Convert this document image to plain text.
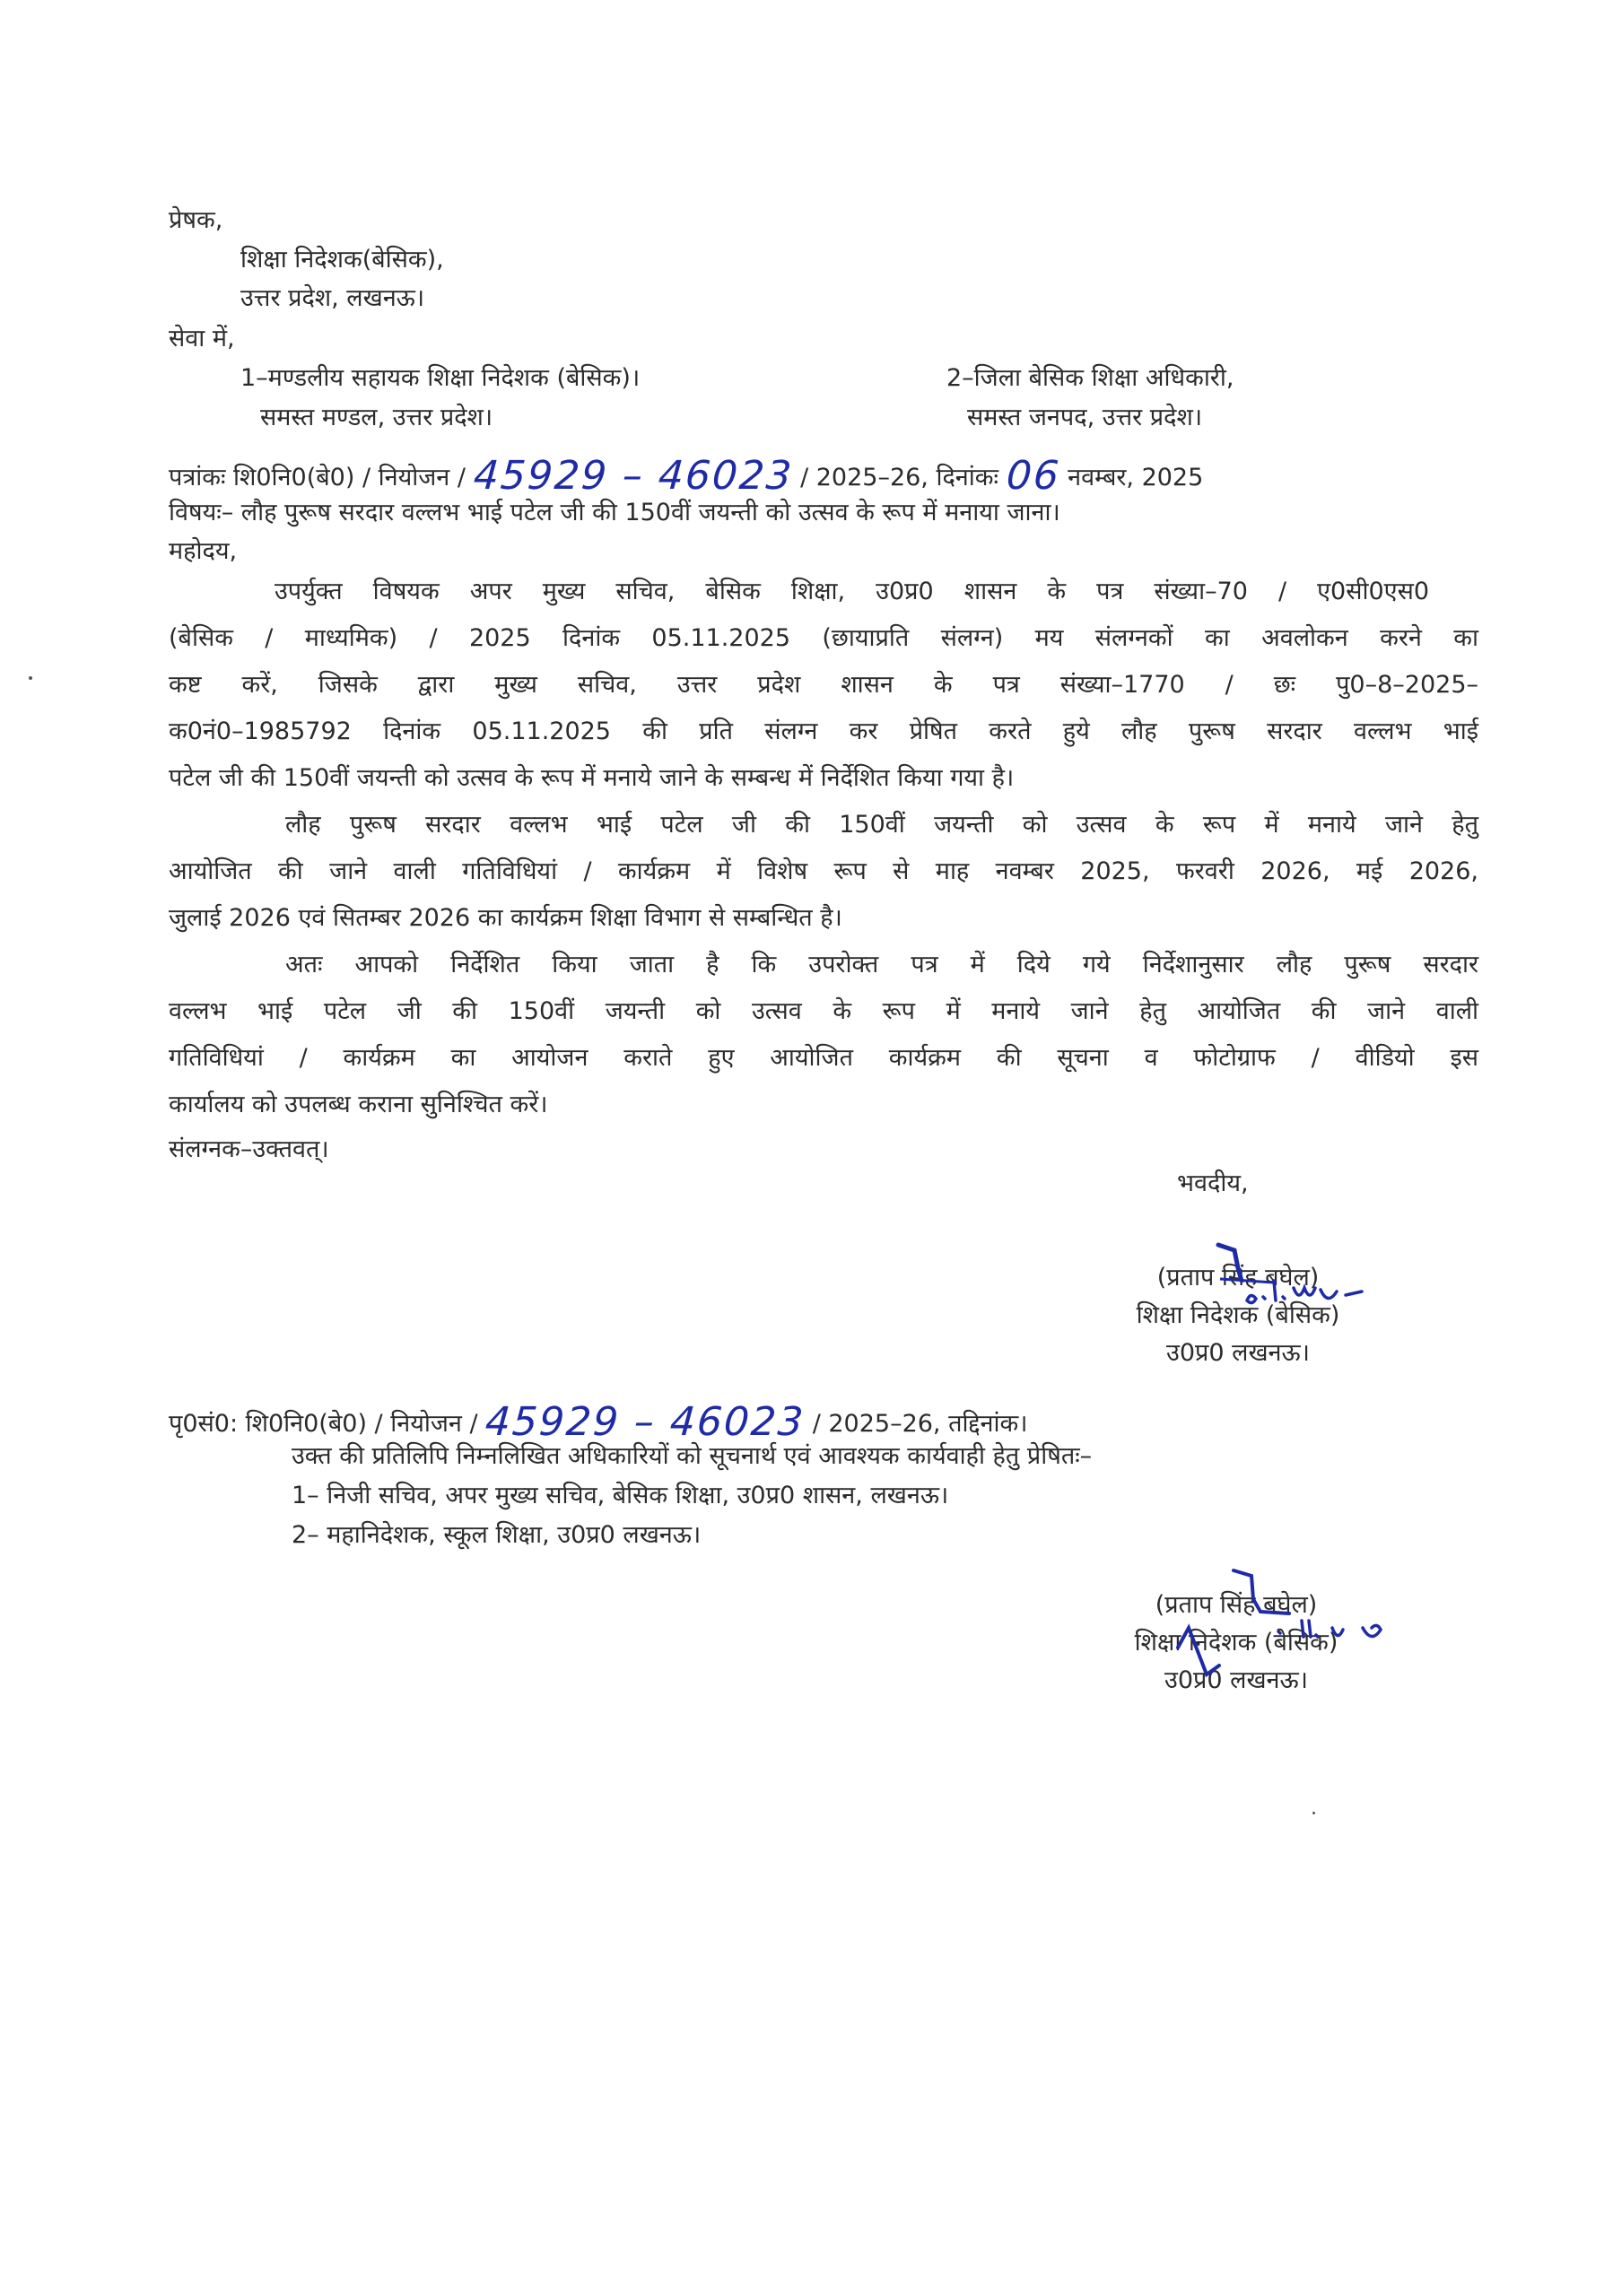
प्रेषक,
शिक्षा निदेशक(बेसिक),
उत्तर प्रदेश, लखनऊ।
सेवा में,
1–मण्डलीय सहायक शिक्षा निदेशक (बेसिक)।
समस्त मण्डल, उत्तर प्रदेश।
2–जिला बेसिक शिक्षा अधिकारी,
समस्त जनपद, उत्तर प्रदेश।
पत्रांकः शि0नि0(बे0) / नियोजन / 45929 – 46023 / 2025–26, दिनांकः 06 नवम्बर, 2025
विषयः– लौह पुरूष सरदार वल्लभ भाई पटेल जी की 150वीं जयन्ती को उत्सव के रूप में मनाया जाना।
महोदय,
उपर्युक्त विषयक अपर मुख्य सचिव, बेसिक शिक्षा, उ0प्र0 शासन के पत्र संख्या–70 / ए0सी0एस0
(बेसिक / माध्यमिक) / 2025 दिनांक 05.11.2025 (छायाप्रति संलग्न) मय संलग्नकों का अवलोकन करने का
कष्ट करें, जिसके द्वारा मुख्य सचिव, उत्तर प्रदेश शासन के पत्र संख्या–1770 / छः पु0–8–2025–
क0नं0–1985792 दिनांक 05.11.2025 की प्रति संलग्न कर प्रेषित करते हुये लौह पुरूष सरदार वल्लभ भाई
पटेल जी की 150वीं जयन्ती को उत्सव के रूप में मनाये जाने के सम्बन्ध में निर्देशित किया गया है।
लौह पुरूष सरदार वल्लभ भाई पटेल जी की 150वीं जयन्ती को उत्सव के रूप में मनाये जाने हेतु
आयोजित की जाने वाली गतिविधियां / कार्यक्रम में विशेष रूप से माह नवम्बर 2025, फरवरी 2026, मई 2026,
जुलाई 2026 एवं सितम्बर 2026 का कार्यक्रम शिक्षा विभाग से सम्बन्धित है।
अतः आपको निर्देशित किया जाता है कि उपरोक्त पत्र में दिये गये निर्देशानुसार लौह पुरूष सरदार
वल्लभ भाई पटेल जी की 150वीं जयन्ती को उत्सव के रूप में मनाये जाने हेतु आयोजित की जाने वाली
गतिविधियां / कार्यक्रम का आयोजन कराते हुए आयोजित कार्यक्रम की सूचना व फोटोग्राफ / वीडियो इस
कार्यालय को उपलब्ध कराना सुनिश्चित करें।
संलग्नक–उक्तवत्।
भवदीय,
(प्रताप सिंह बघेल)
शिक्षा निदेशक (बेसिक)
उ0प्र0 लखनऊ।
पृ0सं0: शि0नि0(बे0) / नियोजन / 45929 – 46023 / 2025–26, तद्दिनांक।
उक्त की प्रतिलिपि निम्नलिखित अधिकारियों को सूचनार्थ एवं आवश्यक कार्यवाही हेतु प्रेषितः–
1– निजी सचिव, अपर मुख्य सचिव, बेसिक शिक्षा, उ0प्र0 शासन, लखनऊ।
2– महानिदेशक, स्कूल शिक्षा, उ0प्र0 लखनऊ।
(प्रताप सिंह बघेल)
शिक्षा निदेशक (बेसिक)
उ0प्र0 लखनऊ।
